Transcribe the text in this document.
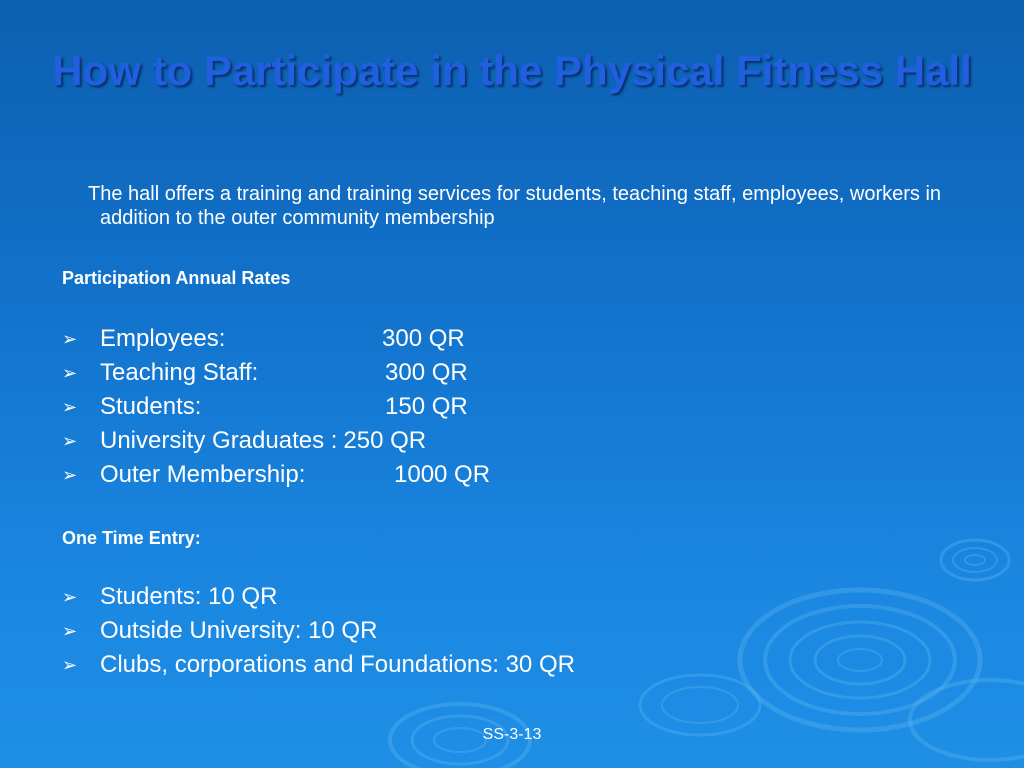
How to Participate in the Physical Fitness Hall

The hall offers a training and training services for students, teaching staff, employees, workers in addition to the outer community membership

Participation Annual Rates

➢ Employees:	300 QR
➢ Teaching Staff:	300 QR
➢ Students:	150 QR
➢ University Graduates : 250 QR
➢ Outer Membership:	1000 QR

One Time Entry:

➢ Students: 10 QR
➢ Outside University: 10 QR
➢ Clubs, corporations and Foundations: 30 QR

SS-3-13
